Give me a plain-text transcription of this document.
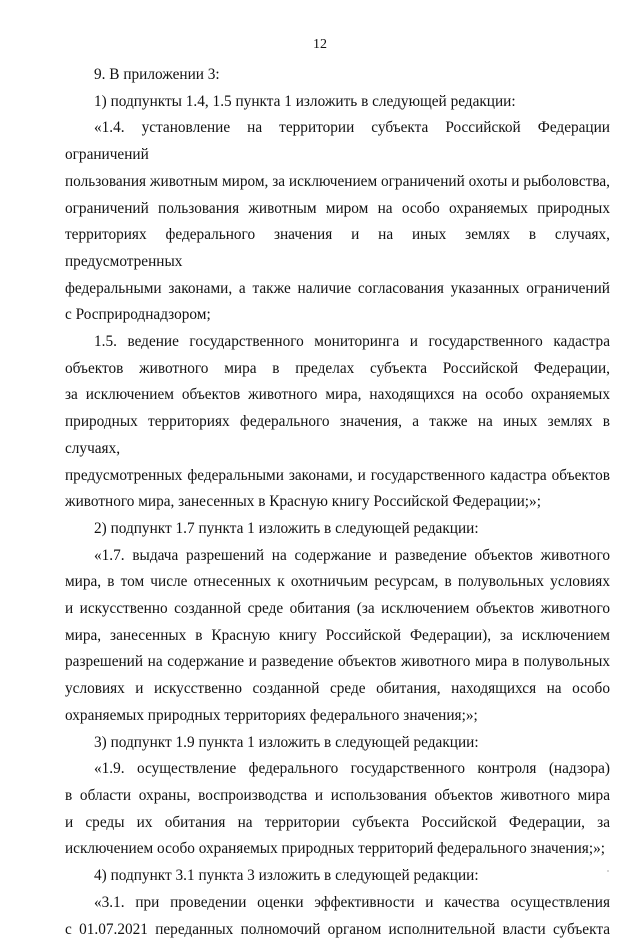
12

9. В приложении 3:

1) подпункты 1.4, 1.5 пункта 1 изложить в следующей редакции:

«1.4. установление на территории субъекта Российской Федерации ограничений

пользования животным миром, за исключением ограничений охоты и рыболовства,

ограничений пользования животным миром на особо охраняемых природных

территориях федерального значения и на иных землях в случаях, предусмотренных

федеральными законами, а также наличие согласования указанных ограничений

с Росприроднадзором;

1.5. ведение государственного мониторинга и государственного кадастра

объектов животного мира в пределах субъекта Российской Федерации,

за исключением объектов животного мира, находящихся на особо охраняемых

природных территориях федерального значения, а также на иных землях в случаях,

предусмотренных федеральными законами, и государственного кадастра объектов

животного мира, занесенных в Красную книгу Российской Федерации;»;

2) подпункт 1.7 пункта 1 изложить в следующей редакции:

«1.7. выдача разрешений на содержание и разведение объектов животного

мира, в том числе отнесенных к охотничьим ресурсам, в полувольных условиях

и искусственно созданной среде обитания (за исключением объектов животного

мира, занесенных в Красную книгу Российской Федерации), за исключением

разрешений на содержание и разведение объектов животного мира в полувольных

условиях и искусственно созданной среде обитания, находящихся на особо

охраняемых природных территориях федерального значения;»;

3) подпункт 1.9 пункта 1 изложить в следующей редакции:

«1.9. осуществление федерального государственного контроля (надзора)

в области охраны, воспроизводства и использования объектов животного мира

и среды их обитания на территории субъекта Российской Федерации, за

исключением особо охраняемых природных территорий федерального значения;»;

4) подпункт 3.1 пункта 3 изложить в следующей редакции:

«3.1. при проведении оценки эффективности и качества осуществления

с 01.07.2021 переданных полномочий органом исполнительной власти субъекта
